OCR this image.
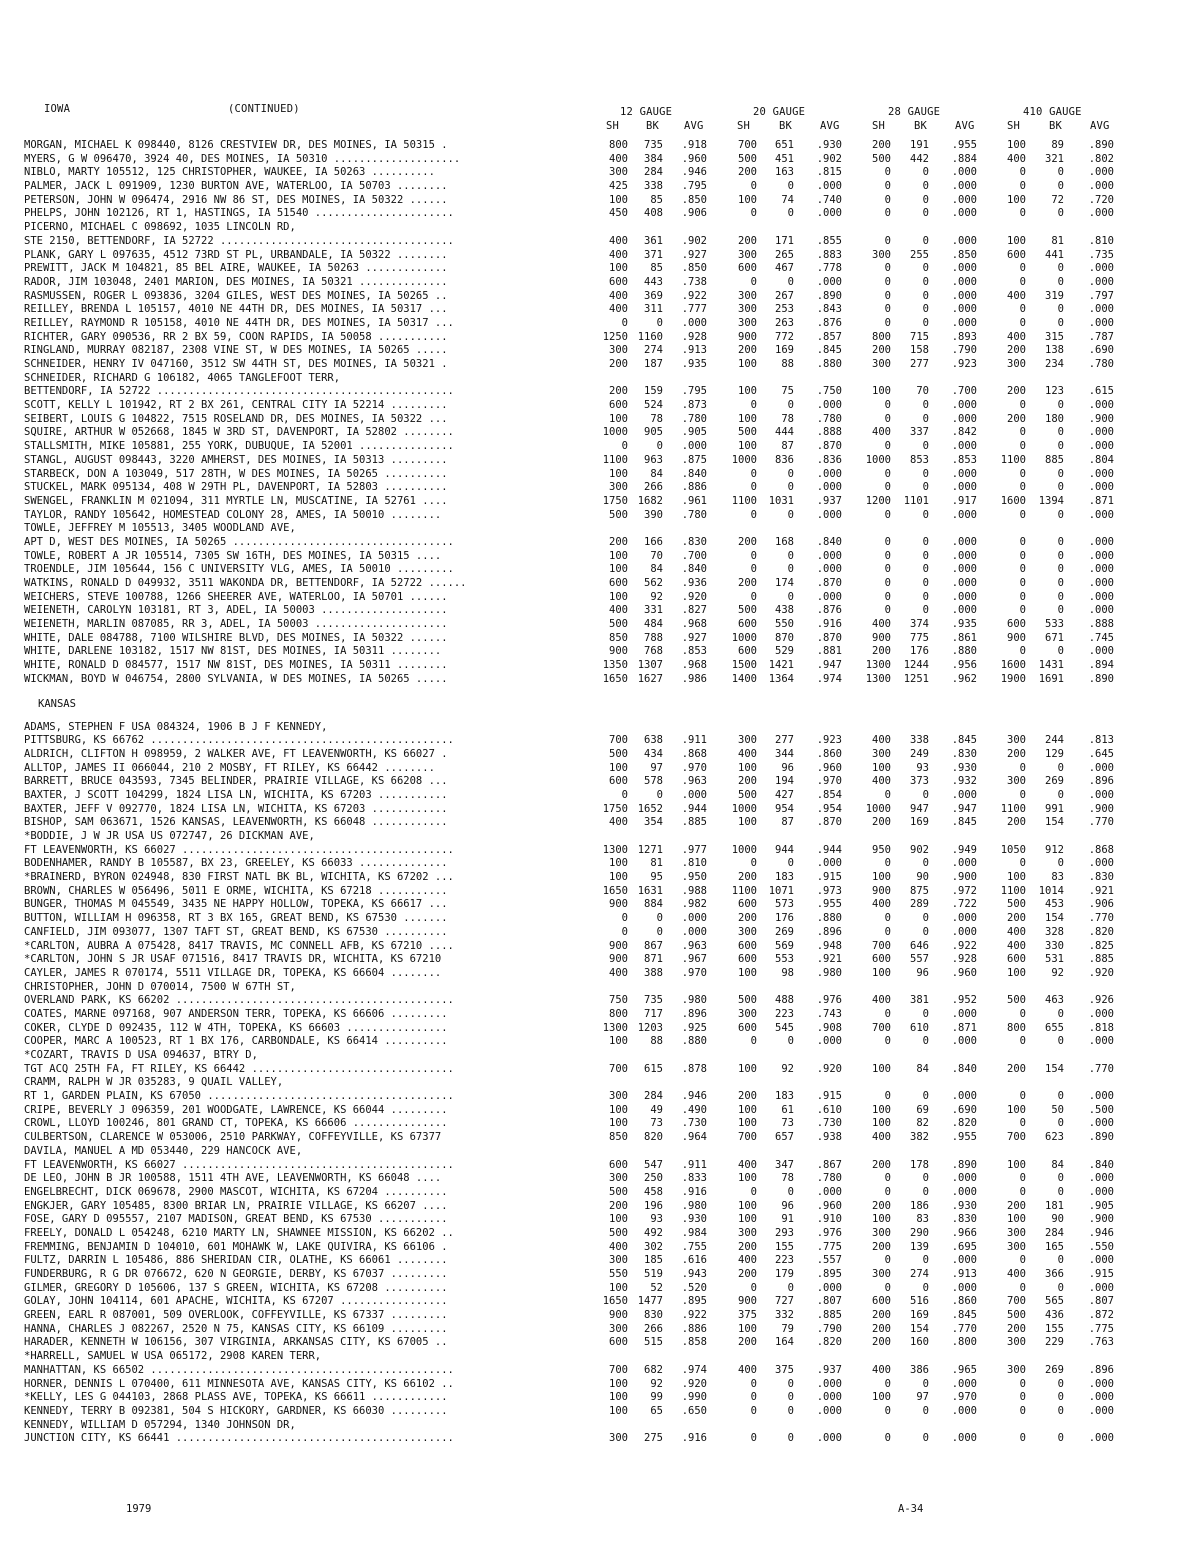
IOWA	(CONTINUED)	12 GAUGE	20 GAUGE	28 GAUGE	410 GAUGE
SH	BK AVG	SH	BK	AVG	SH	BK	AVG	SH	BK	AVG
MORGAN, MICHAEL K 098440, 8126 CRESTVIEW DR, DES MOINES, IA 50315 .	800	735	.918	700	651	.930	200	191	.955	100	89	.890
MYERS, G W 096470, 3924 40, DES MOINES, IA 50310 ....................	400	384	.960	500	451	.902	500	442	.884	400	321	.802
NIBLO, MARTY 105512, 125 CHRISTOPHER, WAUKEE, IA 50263 ..........	300	284	.946	200	163	.815	0	0	.000	0	0	.000
PALMER, JACK L 091909, 1230 BURTON AVE, WATERLOO, IA 50703 ........	425	338	.795	0	0	.000	0	0	.000	0	0	.000
PETERSON, JOHN W 096474, 2916 NW 86 ST, DES MOINES, IA 50322 ......	100	85	.850	100	74	.740	0	0	.000	100	72	.720
PHELPS, JOHN 102126, RT 1, HASTINGS, IA 51540 ......................	450	408	.906	0	0	.000	0	0	.000	0	0	.000
PICERNO, MICHAEL C 098692, 1035 LINCOLN RD,
STE 2150, BETTENDORF, IA 52722 .....................................	400	361	.902	200	171	.855	0	0	.000	100	81	.810
PLANK, GARY L 097635, 4512 73RD ST PL, URBANDALE, IA 50322 ........	400	371	.927	300	265	.883	300	255	.850	600	441	.735
PREWITT, JACK M 104821, 85 BEL AIRE, WAUKEE, IA 50263 .............	100	85	.850	600	467	.778	0	0	.000	0	0	.000
RADOR, JIM 103048, 2401 MARION, DES MOINES, IA 50321 ..............	600	443	.738	0	0	.000	0	0	.000	0	0	.000
RASMUSSEN, ROGER L 093836, 3204 GILES, WEST DES MOINES, IA 50265 ..	400	369	.922	300	267	.890	0	0	.000	400	319	.797
REILLEY, BRENDA L 105157, 4010 NE 44TH DR, DES MOINES, IA 50317 ...	400	311	.777	300	253	.843	0	0	.000	0	0	.000
REILLEY, RAYMOND R 105158, 4010 NE 44TH DR, DES MOINES, IA 50317 ...	0	0	.000	300	263	.876	0	0	.000	0	0	.000
RICHTER, GARY 090536, RR 2 BX 59, COON RAPIDS, IA 50058 ...........	1250 1160	.928	900	772	.857	800	715	.893	400	315	.787
RINGLAND, MURRAY 082187, 2308 VINE ST, W DES MOINES, IA 50265 .....	300	274	.913	200	169	.845	200	158	.790	200	138	.690
SCHNEIDER, HENRY IV 047160, 3512 SW 44TH ST, DES MOINES, IA 50321 .	200	187	.935	100	88	.880	300	277	.923	300	234	.780
SCHNEIDER, RICHARD G 106182, 4065 TANGLEFOOT TERR,
BETTENDORF, IA 52722 ...............................................	200	159	.795	100	75	.750	100	70	.700	200	123	.615
SCOTT, KELLY L 101942, RT 2 BX 261, CENTRAL CITY IA 52214 .........	600	524	.873	0	0	.000	0	0	.000	0	0	.000
SEIBERT, LOUIS G 104822, 7515 ROSELAND DR, DES MOINES, IA 50322 ...	100	78	.780	100	78	.780	0	0	.000	200	180	.900
SQUIRE, ARTHUR W 052668, 1845 W 3RD ST, DAVENPORT, IA 52802 ........	1000	905	.905	500	444	.888	400	337	.842	0	0	.000
STALLSMITH, MIKE 105881, 255 YORK, DUBUQUE, IA 52001 ...............	0	0	.000	100	87	.870	0	0	.000	0	0	.000
STANGL, AUGUST 098443, 3220 AMHERST, DES MOINES, IA 50313 .........	1100	963	.875	1000	836	.836	1000	853	.853	1100	885	.804
STARBECK, DON A 103049, 517 28TH, W DES MOINES, IA 50265 ..........	100	84	.840	0	0	.000	0	0	.000	0	0	.000
STUCKEL, MARK 095134, 408 W 29TH PL, DAVENPORT, IA 52803 ..........	300	266	.886	0	0	.000	0	0	.000	0	0	.000
SWENGEL, FRANKLIN M 021094, 311 MYRTLE LN, MUSCATINE, IA 52761 ....	1750 1682	.961	1100	1031	.937	1200	1101	.917	1600	1394	.871
TAYLOR, RANDY 105642, HOMESTEAD COLONY 28, AMES, IA 50010 ........	500	390	.780	0	0	.000	0	0	.000	0	0	.000
TOWLE, JEFFREY M 105513, 3405 WOODLAND AVE,
APT D, WEST DES MOINES, IA 50265 ...................................	200	166	.830	200	168	.840	0	0	.000	0	0	.000
TOWLE, ROBERT A JR 105514, 7305 SW 16TH, DES MOINES, IA 50315 ....	100	70	.700	0	0	.000	0	0	.000	0	0	.000
TROENDLE, JIM 105644, 156 C UNIVERSITY VLG, AMES, IA 50010 .........	100	84	.840	0	0	.000	0	0	.000	0	0	.000
WATKINS, RONALD D 049932, 3511 WAKONDA DR, BETTENDORF, IA 52722 ......	600	562	.936	200	174	.870	0	0	.000	0	0	.000
WEICHERS, STEVE 100788, 1266 SHEERER AVE, WATERLOO, IA 50701 ......	100	92	.920	0	0	.000	0	0	.000	0	0	.000
WEIENETH, CAROLYN 103181, RT 3, ADEL, IA 50003 ....................	400	331	.827	500	438	.876	0	0	.000	0	0	.000
WEIENETH, MARLIN 087085, RR 3, ADEL, IA 50003 .....................	500	484	.968	600	550	.916	400	374	.935	600	533	.888
WHITE, DALE 084788, 7100 WILSHIRE BLVD, DES MOINES, IA 50322 ......	850	788	.927	1000	870	.870	900	775	.861	900	671	.745
WHITE, DARLENE 103182, 1517 NW 81ST, DES MOINES, IA 50311 ........	900	768	.853	600	529	.881	200	176	.880	0	0	.000
WHITE, RONALD D 084577, 1517 NW 81ST, DES MOINES, IA 50311 ........	1350 1307	.968	1500	1421	.947	1300	1244	.956	1600	1431	.894
WICKMAN, BOYD W 046754, 2800 SYLVANIA, W DES MOINES, IA 50265 .....	1650 1627	.986	1400	1364	.974	1300	1251	.962	1900	1691	.890
KANSAS
ADAMS, STEPHEN F USA 084324, 1906 B J F KENNEDY,
PITTSBURG, KS 66762 ................................................	700	638	.911	300	277	.923	400	338	.845	300	244	.813
ALDRICH, CLIFTON H 098959, 2 WALKER AVE, FT LEAVENWORTH, KS 66027 .	500	434	.868	400	344	.860	300	249	.830	200	129	.645
ALLTOP, JAMES II 066044, 210 2 MOSBY, FT RILEY, KS 66442 ........	100	97	.970	100	96	.960	100	93	.930	0	0	.000
BARRETT, BRUCE 043593, 7345 BELINDER, PRAIRIE VILLAGE, KS 66208 ...	600	578	.963	200	194	.970	400	373	.932	300	269	.896
BAXTER, J SCOTT 104299, 1824 LISA LN, WICHITA, KS 67203 ...........	0	0	.000	500	427	.854	0	0	.000	0	0	.000
BAXTER, JEFF V 092770, 1824 LISA LN, WICHITA, KS 67203 ............	1750 1652	.944	1000	954	.954	1000	947	.947	1100	991	.900
BISHOP, SAM 063671, 1526 KANSAS, LEAVENWORTH, KS 66048 ............	400	354	.885	100	87	.870	200	169	.845	200	154	.770
*BODDIE, J W JR USA US 072747, 26 DICKMAN AVE,
FT LEAVENWORTH, KS 66027 ...........................................	1300 1271	.977	1000	944	.944	950	902	.949	1050	912	.868
BODENHAMER, RANDY B 105587, BX 23, GREELEY, KS 66033 ..............	100	81	.810	0	0	.000	0	0	.000	0	0	.000
*BRAINERD, BYRON 024948, 830 FIRST NATL BK BL, WICHITA, KS 67202 ...	100	95	.950	200	183	.915	100	90	.900	100	83	.830
BROWN, CHARLES W 056496, 5011 E ORME, WICHITA, KS 67218 ...........	1650 1631	.988	1100	1071	.973	900	875	.972	1100	1014	.921
BUNGER, THOMAS M 045549, 3435 NE HAPPY HOLLOW, TOPEKA, KS 66617 ...	900	884	.982	600	573	.955	400	289	.722	500	453	.906
BUTTON, WILLIAM H 096358, RT 3 BX 165, GREAT BEND, KS 67530 .......	0	0	.000	200	176	.880	0	0	.000	200	154	.770
CANFIELD, JIM 093077, 1307 TAFT ST, GREAT BEND, KS 67530 ..........	0	0	.000	300	269	.896	0	0	.000	400	328	.820
*CARLTON, AUBRA A 075428, 8417 TRAVIS, MC CONNELL AFB, KS 67210 ....	900	867	.963	600	569	.948	700	646	.922	400	330	.825
*CARLTON, JOHN S JR USAF 071516, 8417 TRAVIS DR, WICHITA, KS 67210	900	871	.967	600	553	.921	600	557	.928	600	531	.885
CAYLER, JAMES R 070174, 5511 VILLAGE DR, TOPEKA, KS 66604 ........	400	388	.970	100	98	.980	100	96	.960	100	92	.920
CHRISTOPHER, JOHN D 070014, 7500 W 67TH ST,
OVERLAND PARK, KS 66202 ............................................	750	735	.980	500	488	.976	400	381	.952	500	463	.926
COATES, MARNE 097168, 907 ANDERSON TERR, TOPEKA, KS 66606 .........	800	717	.896	300	223	.743	0	0	.000	0	0	.000
COKER, CLYDE D 092435, 112 W 4TH, TOPEKA, KS 66603 ................	1300 1203	.925	600	545	.908	700	610	.871	800	655	.818
COOPER, MARC A 100523, RT 1 BX 176, CARBONDALE, KS 66414 ..........	100	88	.880	0	0	.000	0	0	.000	0	0	.000
*COZART, TRAVIS D USA 094637, BTRY D,
TGT ACQ 25TH FA, FT RILEY, KS 66442 ................................	700	615	.878	100	92	.920	100	84	.840	200	154	.770
CRAMM, RALPH W JR 035283, 9 QUAIL VALLEY,
RT 1, GARDEN PLAIN, KS 67050 .......................................	300	284	.946	200	183	.915	0	0	.000	0	0	.000
CRIPE, BEVERLY J 096359, 201 WOODGATE, LAWRENCE, KS 66044 .........	100	49	.490	100	61	.610	100	69	.690	100	50	.500
CROWL, LLOYD 100246, 801 GRAND CT, TOPEKA, KS 66606 ...............	100	73	.730	100	73	.730	100	82	.820	0	0	.000
CULBERTSON, CLARENCE W 053006, 2510 PARKWAY, COFFEYVILLE, KS 67377	850	820	.964	700	657	.938	400	382	.955	700	623	.890
DAVILA, MANUEL A MD 053440, 229 HANCOCK AVE,
FT LEAVENWORTH, KS 66027 ...........................................	600	547	.911	400	347	.867	200	178	.890	100	84	.840
DE LEO, JOHN B JR 100588, 1511 4TH AVE, LEAVENWORTH, KS 66048 ....	300	250	.833	100	78	.780	0	0	.000	0	0	.000
ENGELBRECHT, DICK 069678, 2900 MASCOT, WICHITA, KS 67204 ..........	500	458	.916	0	0	.000	0	0	.000	0	0	.000
ENGKJER, GARY 105485, 8300 BRIAR LN, PRAIRIE VILLAGE, KS 66207 ....	200	196	.980	100	96	.960	200	186	.930	200	181	.905
FOSE, GARY D 095557, 2107 MADISON, GREAT BEND, KS 67530 ...........	100	93	.930	100	91	.910	100	83	.830	100	90	.900
FREELY, DONALD L 054248, 6210 MARTY LN, SHAWNEE MISSION, KS 66202 ..	500	492	.984	300	293	.976	300	290	.966	300	284	.946
FREMMING, BENJAMIN D 104010, 601 MOHAWK W, LAKE QUIVIRA, KS 66106 .	400	302	.755	200	155	.775	200	139	.695	300	165	.550
FULTZ, DARRIN L 105486, 886 SHERIDAN CIR, OLATHE, KS 66061 ........	300	185	.616	400	223	.557	0	0	.000	0	0	.000
FUNDERBURG, R G DR 076672, 620 N GEORGIE, DERBY, KS 67037 .........	550	519	.943	200	179	.895	300	274	.913	400	366	.915
GILMER, GREGORY D 105606, 137 S GREEN, WICHITA, KS 67208 ..........	100	52	.520	0	0	.000	0	0	.000	0	0	.000
GOLAY, JOHN 104114, 601 APACHE, WICHITA, KS 67207 .................	1650 1477	.895	900	727	.807	600	516	.860	700	565	.807
GREEN, EARL R 087001, 509 OVERLOOK, COFFEYVILLE, KS 67337 .........	900	830	.922	375	332	.885	200	169	.845	500	436	.872
HANNA, CHARLES J 082267, 2520 N 75, KANSAS CITY, KS 66109 .........	300	266	.886	100	79	.790	200	154	.770	200	155	.775
HARADER, KENNETH W 106156, 307 VIRGINIA, ARKANSAS CITY, KS 67005 ..	600	515	.858	200	164	.820	200	160	.800	300	229	.763
*HARRELL, SAMUEL W USA 065172, 2908 KAREN TERR,
MANHATTAN, KS 66502 ................................................	700	682	.974	400	375	.937	400	386	.965	300	269	.896
HORNER, DENNIS L 070400, 611 MINNESOTA AVE, KANSAS CITY, KS 66102 ..	100	92	.920	0	0	.000	0	0	.000	0	0	.000
*KELLY, LES G 044103, 2868 PLASS AVE, TOPEKA, KS 66611 ............	100	99	.990	0	0	.000	100	97	.970	0	0	.000
KENNEDY, TERRY B 092381, 504 S HICKORY, GARDNER, KS 66030 .........	100	65	.650	0	0	.000	0	0	.000	0	0	.000
KENNEDY, WILLIAM D 057294, 1340 JOHNSON DR,
JUNCTION CITY, KS 66441 ............................................	300	275	.916	0	0	.000	0	0	.000	0	0	.000
1979	A-34
